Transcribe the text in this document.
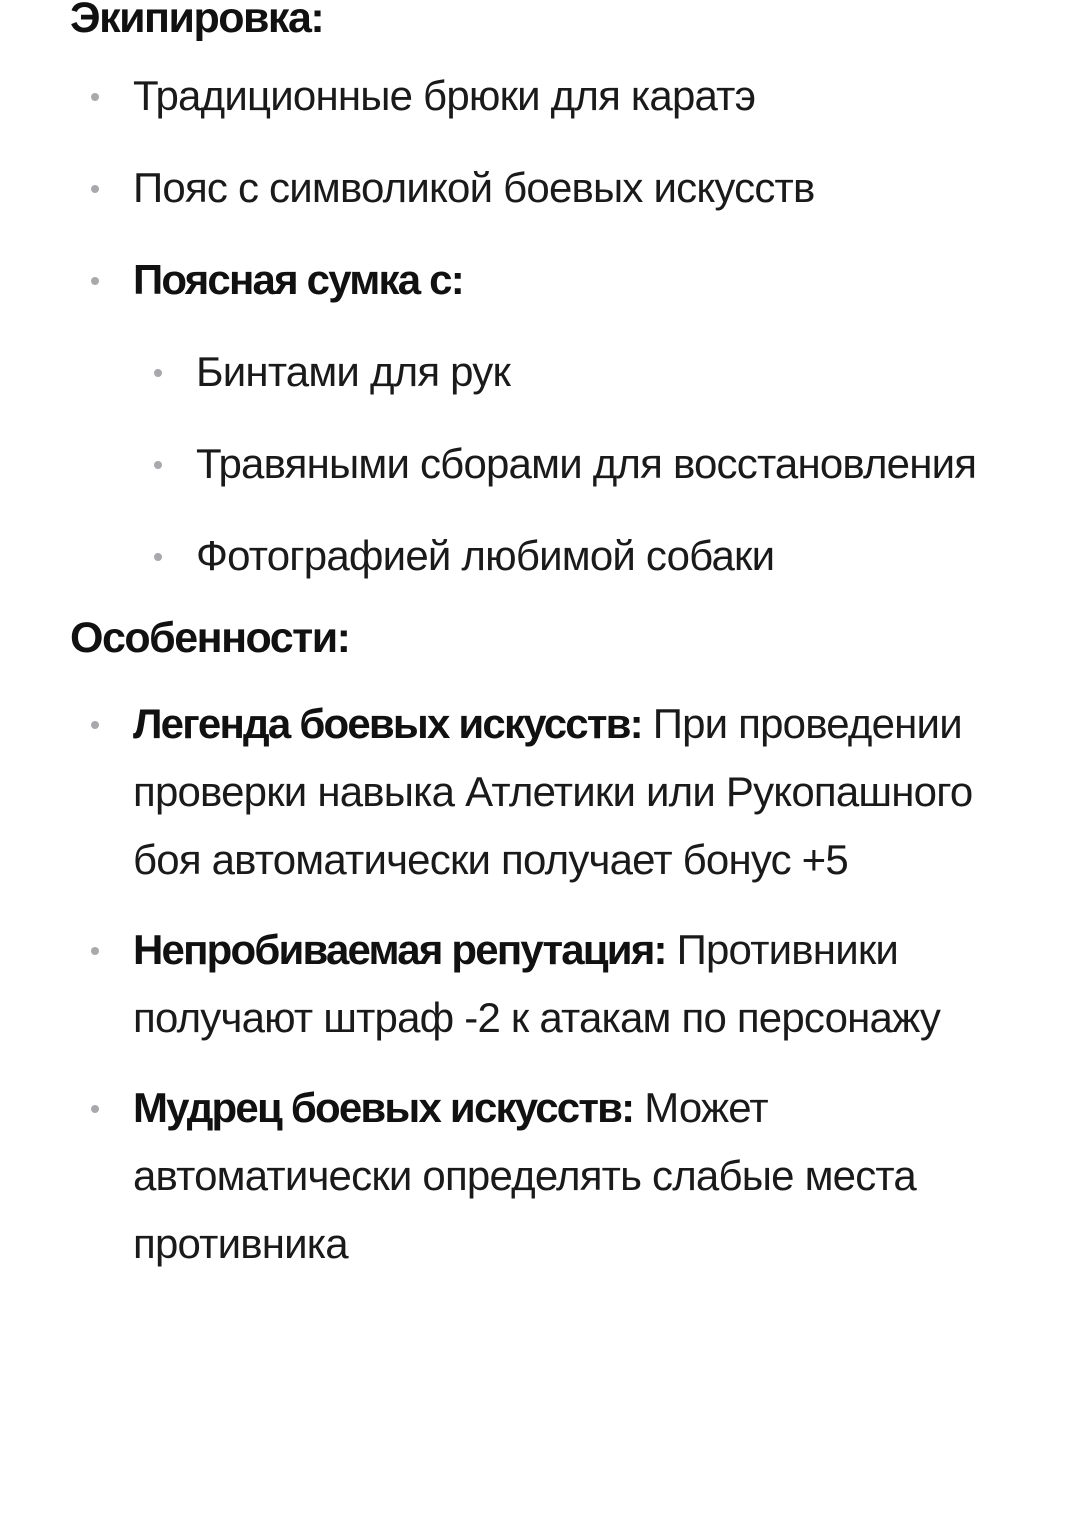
Экипировка:
Традиционные брюки для каратэ
Пояс с символикой боевых искусств
Поясная сумка с:
Бинтами для рук
Травяными сборами для восстановления
Фотографией любимой собаки
Особенности:
Легенда боевых искусств: При проведении проверки навыка Атлетики или Рукопашного боя автоматически получает бонус +5
Непробиваемая репутация: Противники получают штраф -2 к атакам по персонажу
Мудрец боевых искусств: Может автоматически определять слабые места противника
